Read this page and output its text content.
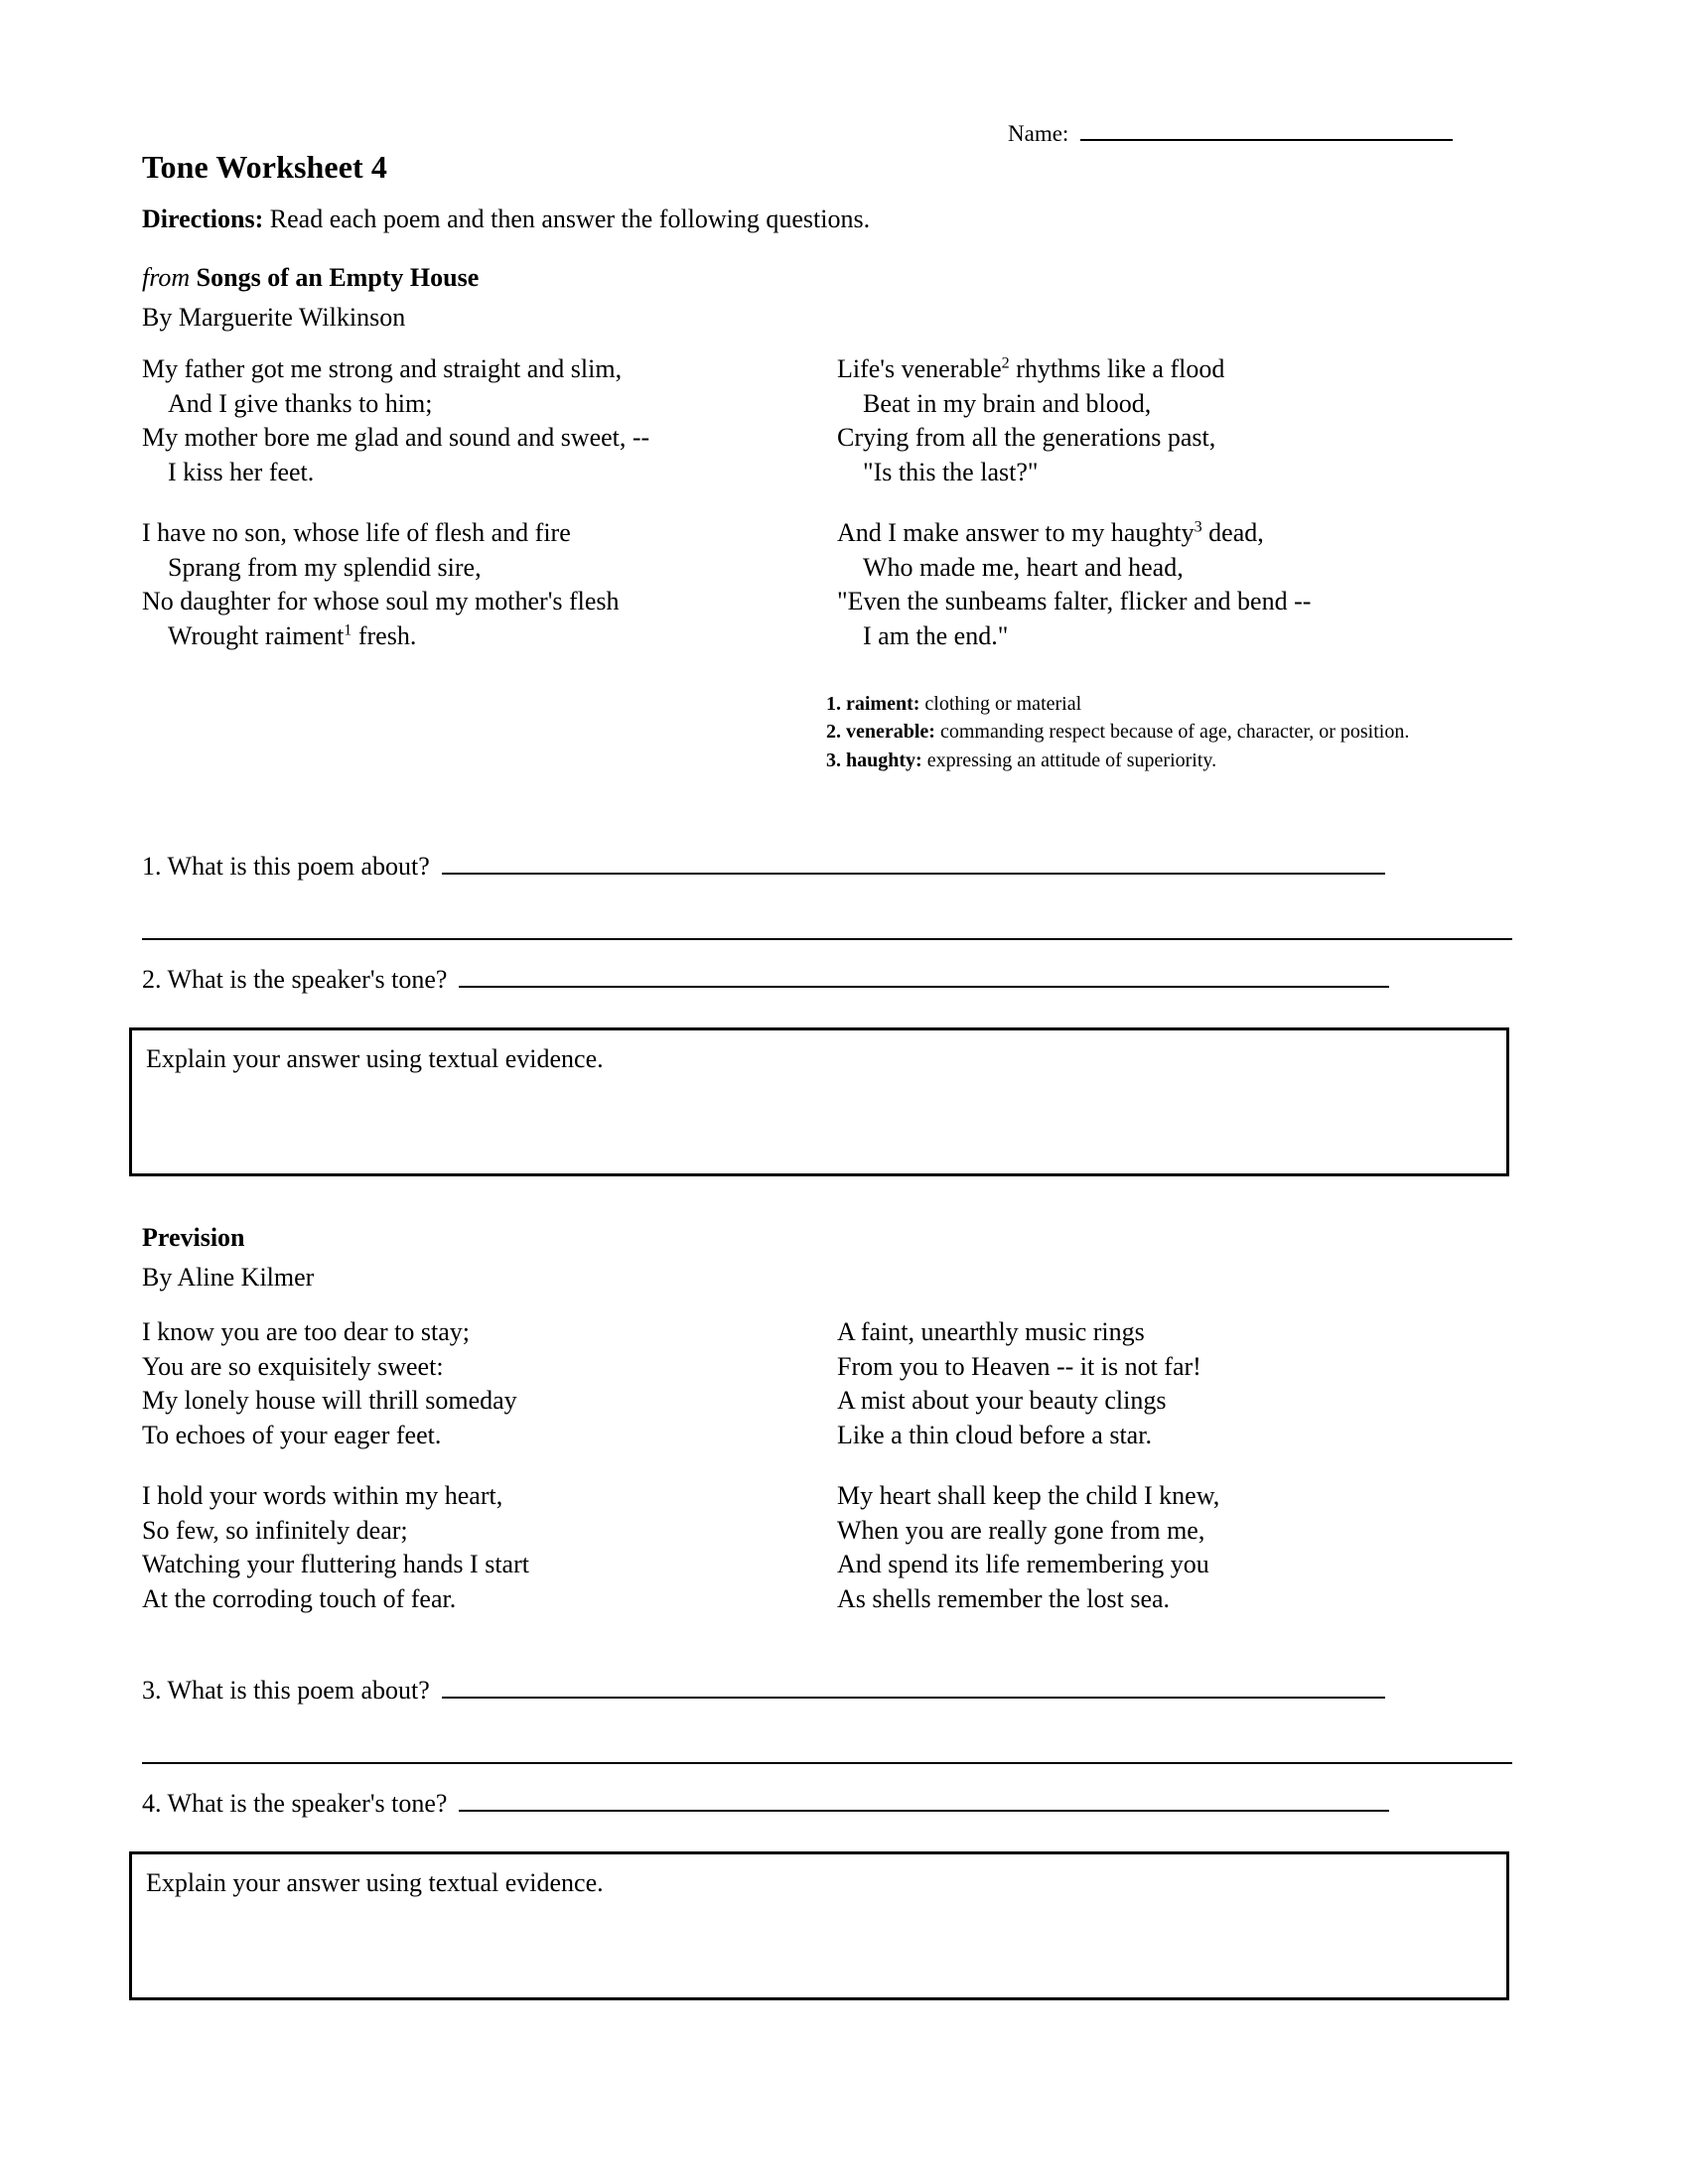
Name:
Tone Worksheet 4
Directions: Read each poem and then answer the following questions.
from Songs of an Empty House
By Marguerite Wilkinson
My father got me strong and straight and slim,
And I give thanks to him;
My mother bore me glad and sound and sweet, --
I kiss her feet.
I have no son, whose life of flesh and fire
Sprang from my splendid sire,
No daughter for whose soul my mother's flesh
Wrought raiment$^1$ fresh.
Life's venerable$^2$ rhythms like a flood
Beat in my brain and blood,
Crying from all the generations past,
"Is this the last?"
And I make answer to my haughty$^3$ dead,
Who made me, heart and head,
"Even the sunbeams falter, flicker and bend --
I am the end."
1. raiment: clothing or material
2. venerable: commanding respect because of age, character, or position.
3. haughty: expressing an attitude of superiority.
1. What is this poem about?
2. What is the speaker's tone?
Explain your answer using textual evidence.
Prevision
By Aline Kilmer
I know you are too dear to stay;
You are so exquisitely sweet:
My lonely house will thrill someday
To echoes of your eager feet.
I hold your words within my heart,
So few, so infinitely dear;
Watching your fluttering hands I start
At the corroding touch of fear.
A faint, unearthly music rings
From you to Heaven -- it is not far!
A mist about your beauty clings
Like a thin cloud before a star.
My heart shall keep the child I knew,
When you are really gone from me,
And spend its life remembering you
As shells remember the lost sea.
3. What is this poem about?
4. What is the speaker's tone?
Explain your answer using textual evidence.
